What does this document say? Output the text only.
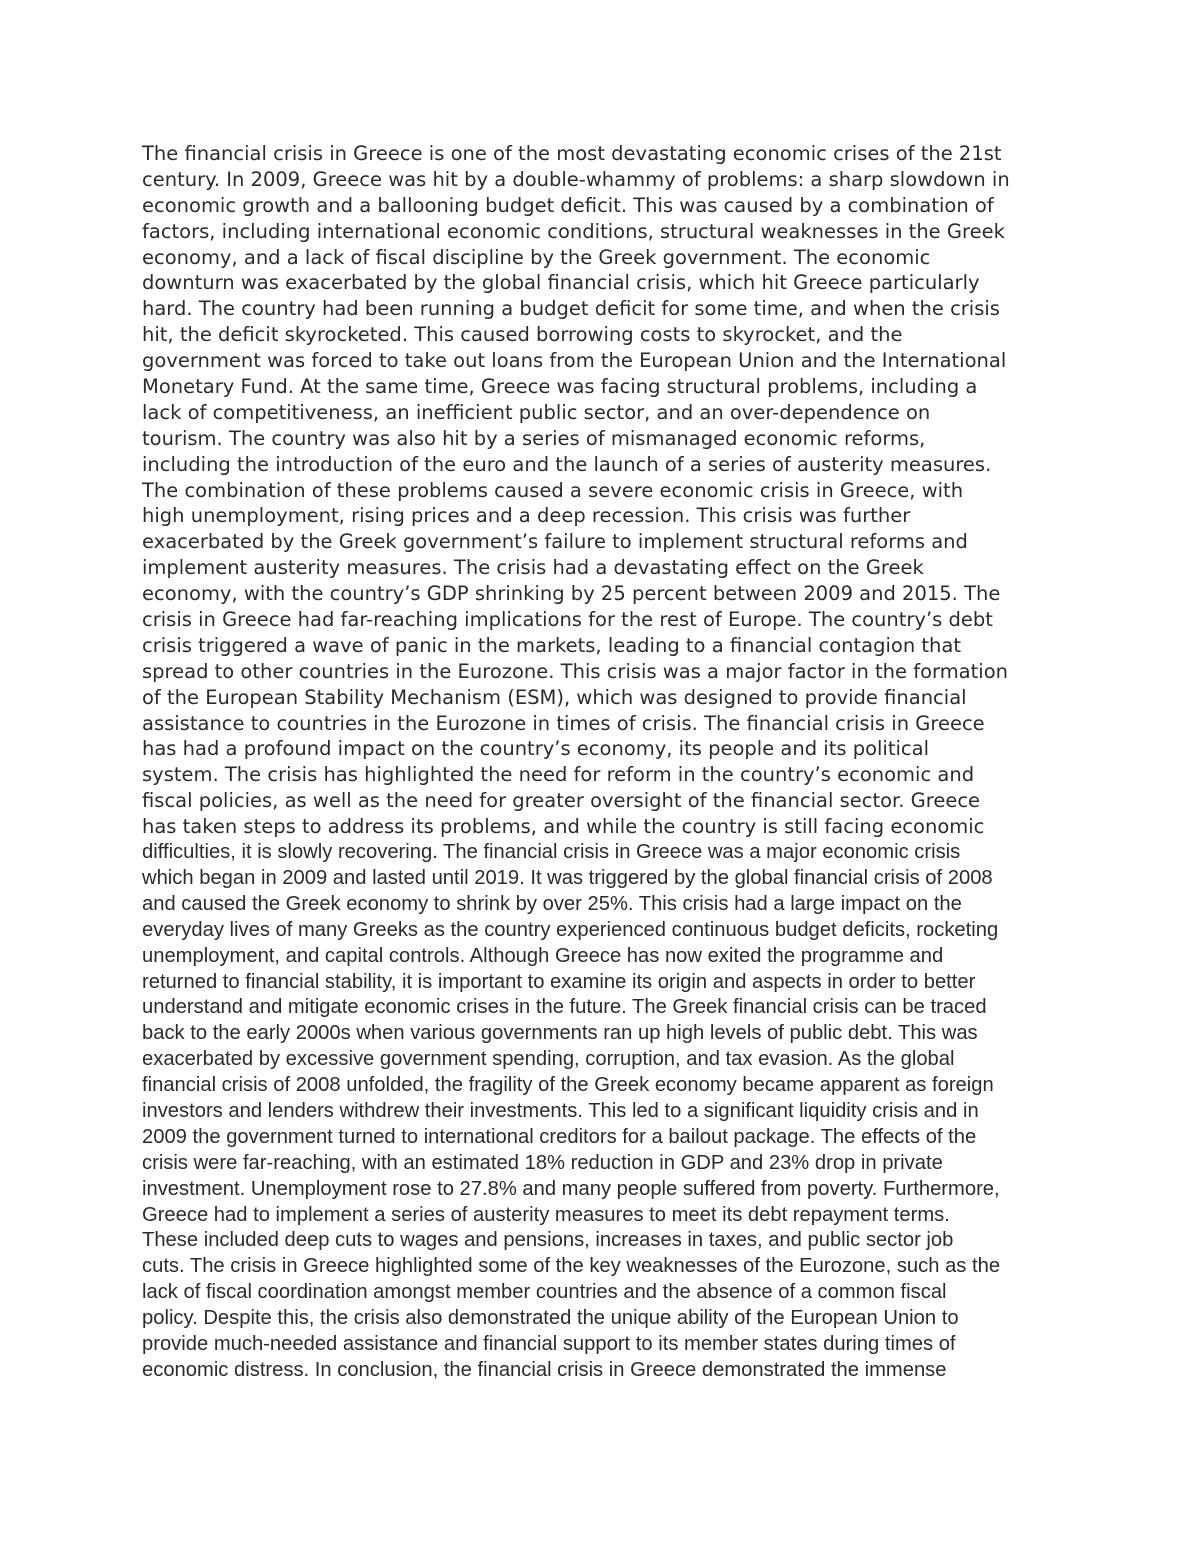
The financial crisis in Greece is one of the most devastating economic crises of the 21st
century. In 2009, Greece was hit by a double-whammy of problems: a sharp slowdown in
economic growth and a ballooning budget deficit. This was caused by a combination of
factors, including international economic conditions, structural weaknesses in the Greek
economy, and a lack of fiscal discipline by the Greek government. The economic
downturn was exacerbated by the global financial crisis, which hit Greece particularly
hard. The country had been running a budget deficit for some time, and when the crisis
hit, the deficit skyrocketed. This caused borrowing costs to skyrocket, and the
government was forced to take out loans from the European Union and the International
Monetary Fund. At the same time, Greece was facing structural problems, including a
lack of competitiveness, an inefficient public sector, and an over-dependence on
tourism. The country was also hit by a series of mismanaged economic reforms,
including the introduction of the euro and the launch of a series of austerity measures.
The combination of these problems caused a severe economic crisis in Greece, with
high unemployment, rising prices and a deep recession. This crisis was further
exacerbated by the Greek government’s failure to implement structural reforms and
implement austerity measures. The crisis had a devastating effect on the Greek
economy, with the country’s GDP shrinking by 25 percent between 2009 and 2015. The
crisis in Greece had far-reaching implications for the rest of Europe. The country’s debt
crisis triggered a wave of panic in the markets, leading to a financial contagion that
spread to other countries in the Eurozone. This crisis was a major factor in the formation
of the European Stability Mechanism (ESM), which was designed to provide financial
assistance to countries in the Eurozone in times of crisis. The financial crisis in Greece
has had a profound impact on the country’s economy, its people and its political
system. The crisis has highlighted the need for reform in the country’s economic and
fiscal policies, as well as the need for greater oversight of the financial sector. Greece
has taken steps to address its problems, and while the country is still facing economic
difficulties, it is slowly recovering. The financial crisis in Greece was a major economic crisis
which began in 2009 and lasted until 2019. It was triggered by the global financial crisis of 2008
and caused the Greek economy to shrink by over 25%. This crisis had a large impact on the
everyday lives of many Greeks as the country experienced continuous budget deficits, rocketing
unemployment, and capital controls. Although Greece has now exited the programme and
returned to financial stability, it is important to examine its origin and aspects in order to better
understand and mitigate economic crises in the future. The Greek financial crisis can be traced
back to the early 2000s when various governments ran up high levels of public debt. This was
exacerbated by excessive government spending, corruption, and tax evasion. As the global
financial crisis of 2008 unfolded, the fragility of the Greek economy became apparent as foreign
investors and lenders withdrew their investments. This led to a significant liquidity crisis and in
2009 the government turned to international creditors for a bailout package. The effects of the
crisis were far-reaching, with an estimated 18% reduction in GDP and 23% drop in private
investment. Unemployment rose to 27.8% and many people suffered from poverty. Furthermore,
Greece had to implement a series of austerity measures to meet its debt repayment terms.
These included deep cuts to wages and pensions, increases in taxes, and public sector job
cuts. The crisis in Greece highlighted some of the key weaknesses of the Eurozone, such as the
lack of fiscal coordination amongst member countries and the absence of a common fiscal
policy. Despite this, the crisis also demonstrated the unique ability of the European Union to
provide much-needed assistance and financial support to its member states during times of
economic distress. In conclusion, the financial crisis in Greece demonstrated the immense
